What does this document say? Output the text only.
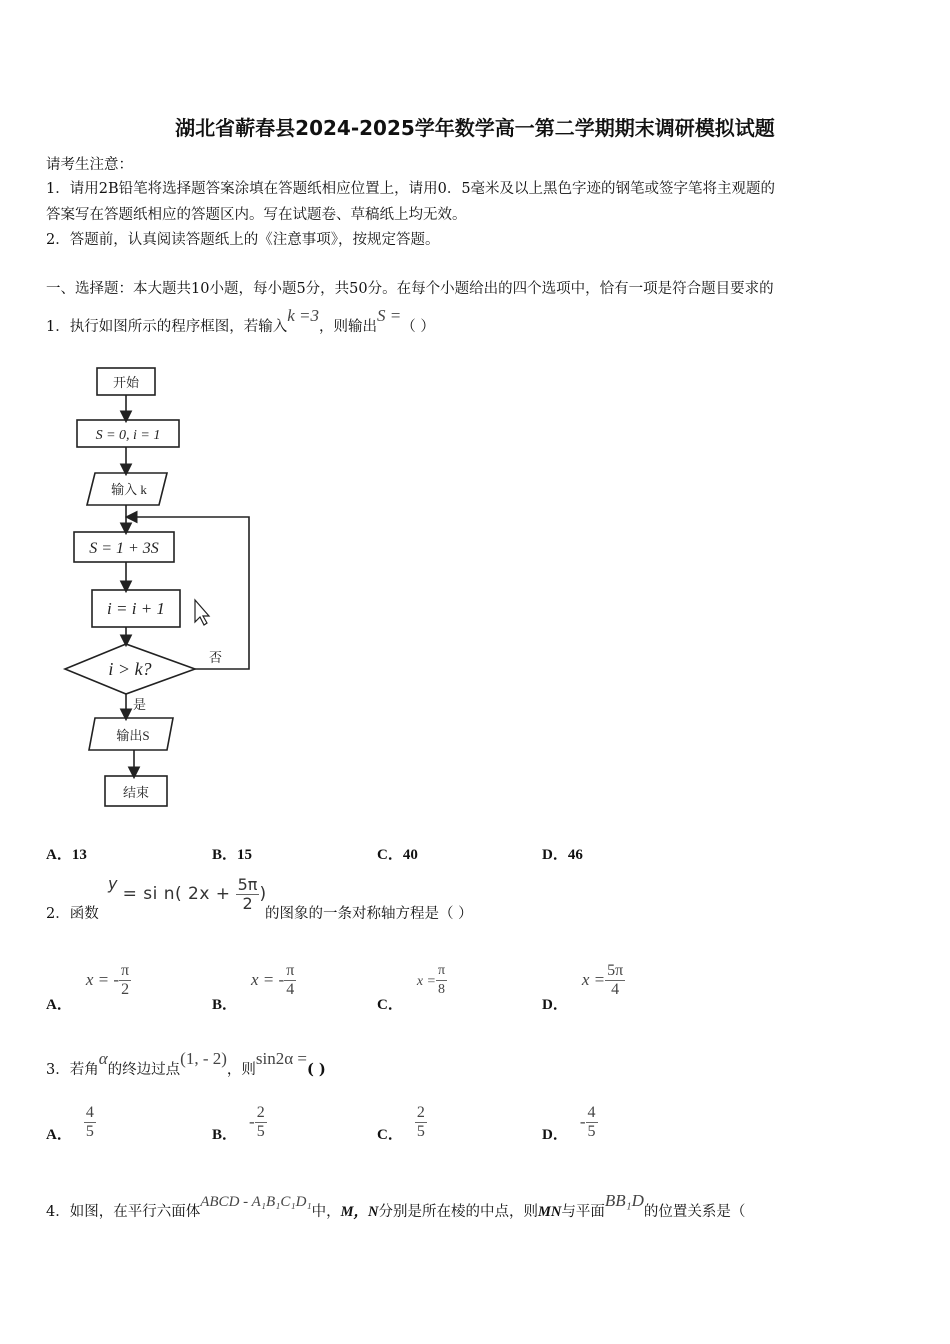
湖北省蕲春县2024-2025学年数学高一第二学期期末调研模拟试题
请考生注意：
1．请用2B铅笔将选择题答案涂填在答题纸相应位置上，请用0．5毫米及以上黑色字迹的钢笔或签字笔将主观题的
答案写在答题纸相应的答题区内。写在试题卷、草稿纸上均无效。
2．答题前，认真阅读答题纸上的《注意事项》，按规定答题。
一、选择题：本大题共10小题，每小题5分，共50分。在每个小题给出的四个选项中，恰有一项是符合题目要求的
1．执行如图所示的程序框图，若输入k =3，则输出S =（ ）
开始
S = 0, i = 1
输入 k
S = 1 + 3S
i = i + 1
i > k?
否
是
输出S
结束
A．13	B．15	C．40	D．46
2．函数
y = si n( $2x + \frac{5\pi}{2}$ )
的图象的一条对称轴方程是（ ）
A．x = - $\frac{\pi}{2}$
B．x = - $\frac{\pi}{4}$
C．$x = \frac{\pi}{8}$
D．$x = \frac{5\pi}{4}$
3．若角α的终边过点(1, - 2)，则sin2α =( )
A． $\frac{4}{5}$	B．- $\frac{2}{5}$	C． $\frac{2}{5}$	D．- $\frac{4}{5}$
4．如图，在平行六面体ABCD - A₁B₁C₁D₁中，M，N分别是所在棱的中点，则MN与平面BB₁D的位置关系是（
